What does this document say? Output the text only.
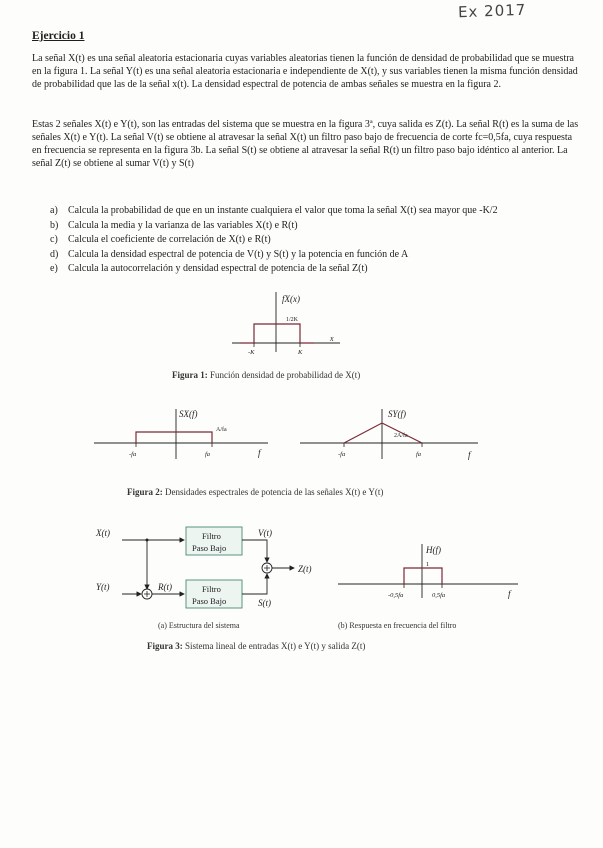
Ex 2017
Ejercicio 1

La señal X(t) es una señal aleatoria estacionaria cuyas variables aleatorias tienen la función de densidad de probabilidad que se muestra en la figura 1. La señal Y(t) es una señal aleatoria estacionaria e independiente de X(t), y sus variables tienen la misma función densidad de probabilidad que las de la señal x(t). La densidad espectral de potencia de ambas señales se muestra en la figura 2.

Estas 2 señales X(t) e Y(t), son las entradas del sistema que se muestra en la figura 3ª, cuya salida es Z(t). La señal R(t) es la suma de las señales X(t) e Y(t). La señal V(t) se obtiene al atravesar la señal X(t) un filtro paso bajo de frecuencia de corte fc=0,5fa, cuya respuesta en frecuencia se representa en la figura 3b. La señal S(t) se obtiene al atravesar la señal R(t) un filtro paso bajo idéntico al anterior. La señal Z(t) se obtiene al sumar V(t) y S(t)

a) Calcula la probabilidad de que en un instante cualquiera el valor que toma la señal X(t) sea mayor que -K/2
b) Calcula la media y la varianza de las variables X(t) e R(t)
c) Calcula el coeficiente de correlación de X(t) e R(t)
d) Calcula la densidad espectral de potencia de V(t) y S(t) y la potencia en función de A
e) Calcula la autocorrelación y densidad espectral de potencia de la señal Z(t)
fX(x)
1/2K
x
-K	K
Figura 1: Función densidad de probabilidad de X(t)
SX(f)
A/fa
f
-fa	fa
SY(f)
2A/fa
f
-fa	fa
Figura 2: Densidades espectrales de potencia de las señales X(t) e Y(t)
X(t)
Y(t)	R(t)
V(t)
S(t)
Z(t)
Filtro
Paso Bajo
Filtro
Paso Bajo
H(f)
1
f
-0,5fa	0,5fa
(a) Estructura del sistema	(b) Respuesta en frecuencia del filtro
Figura 3: Sistema lineal de entradas X(t) e Y(t) y salida Z(t)
